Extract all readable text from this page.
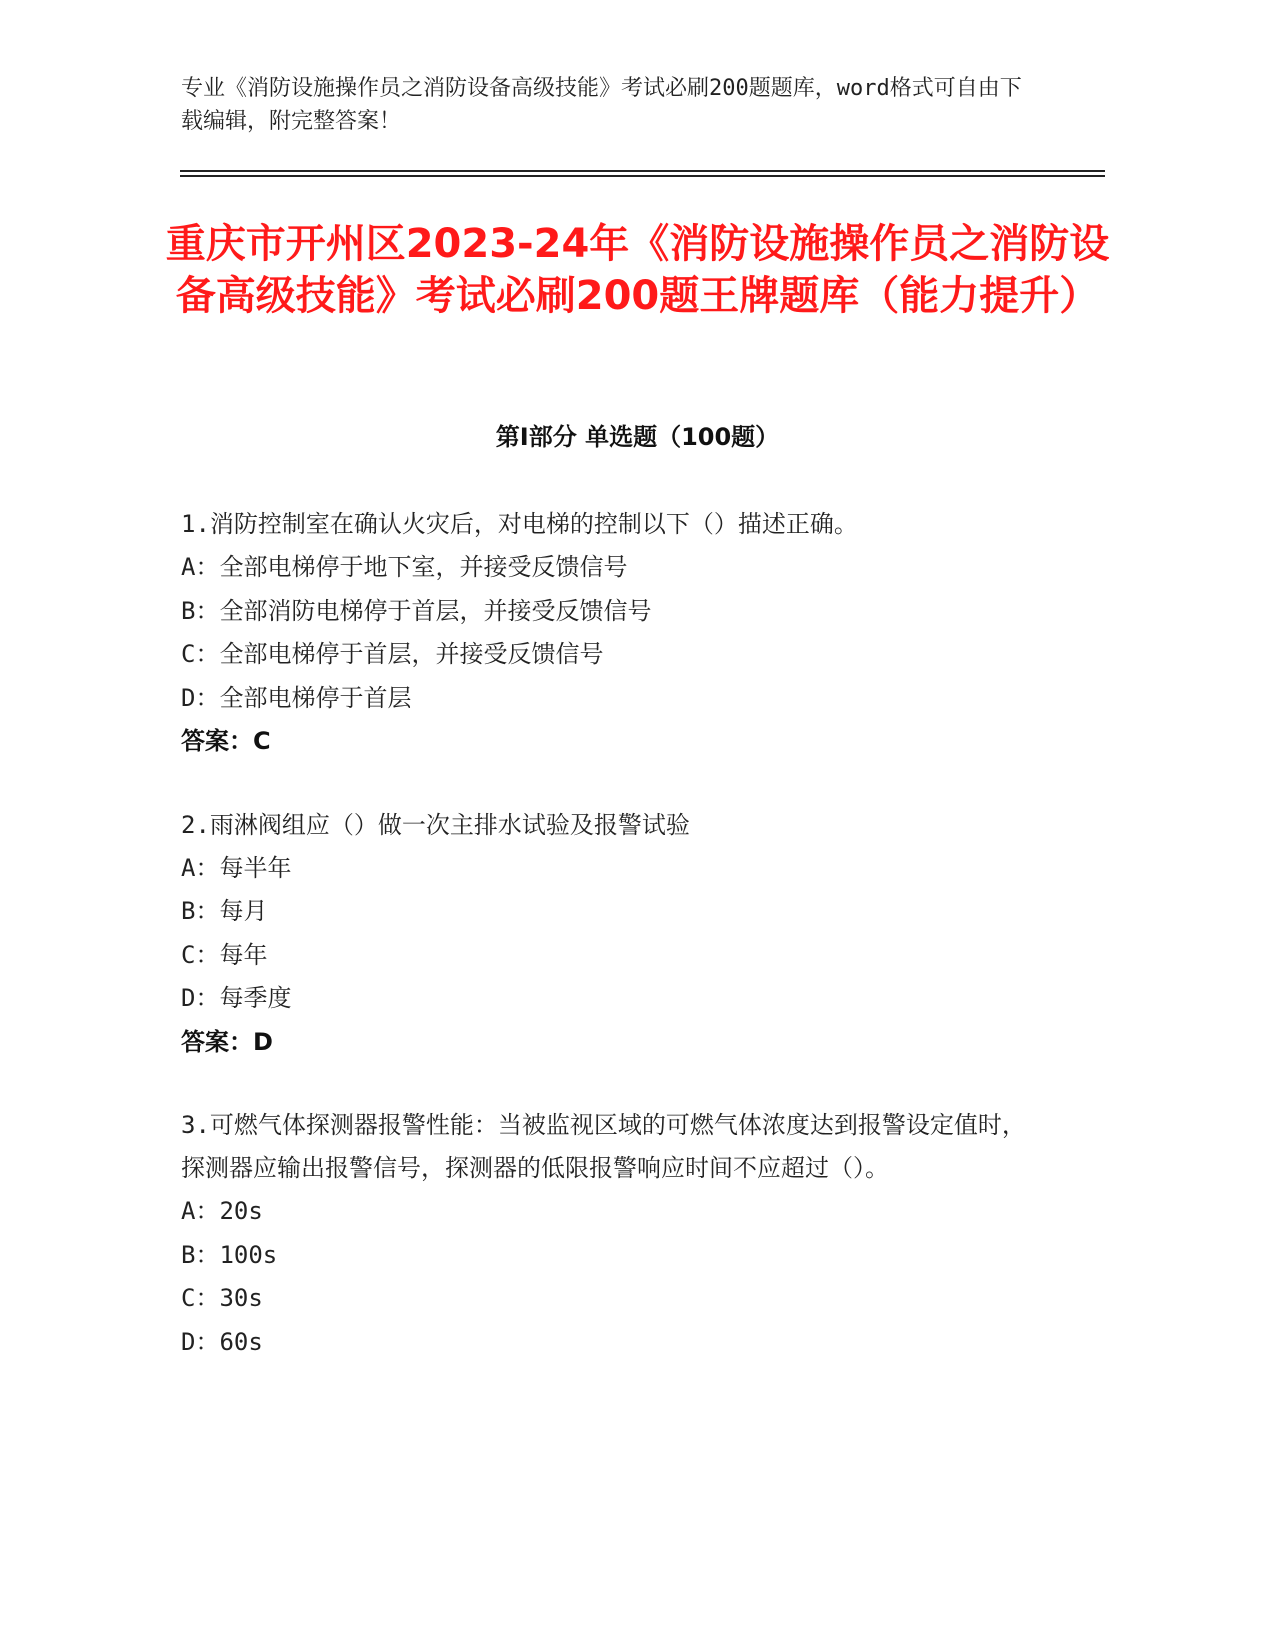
专业《消防设施操作员之消防设备高级技能》考试必刷200题题库，word格式可自由下载编辑，附完整答案！
重庆市开州区2023-24年《消防设施操作员之消防设备高级技能》考试必刷200题王牌题库（能力提升）
第Ⅰ部分 单选题（100题）

1.消防控制室在确认火灾后，对电梯的控制以下（）描述正确。

A：全部电梯停于地下室，并接受反馈信号

B：全部消防电梯停于首层，并接受反馈信号

C：全部电梯停于首层，并接受反馈信号

D：全部电梯停于首层

答案：C

2.雨淋阀组应（）做一次主排水试验及报警试验

A：每半年

B：每月

C：每年

D：每季度

答案：D

3.可燃气体探测器报警性能：当被监视区域的可燃气体浓度达到报警设定值时，探测器应输出报警信号，探测器的低限报警响应时间不应超过（）。

A：20s

B：100s

C：30s

D：60s
